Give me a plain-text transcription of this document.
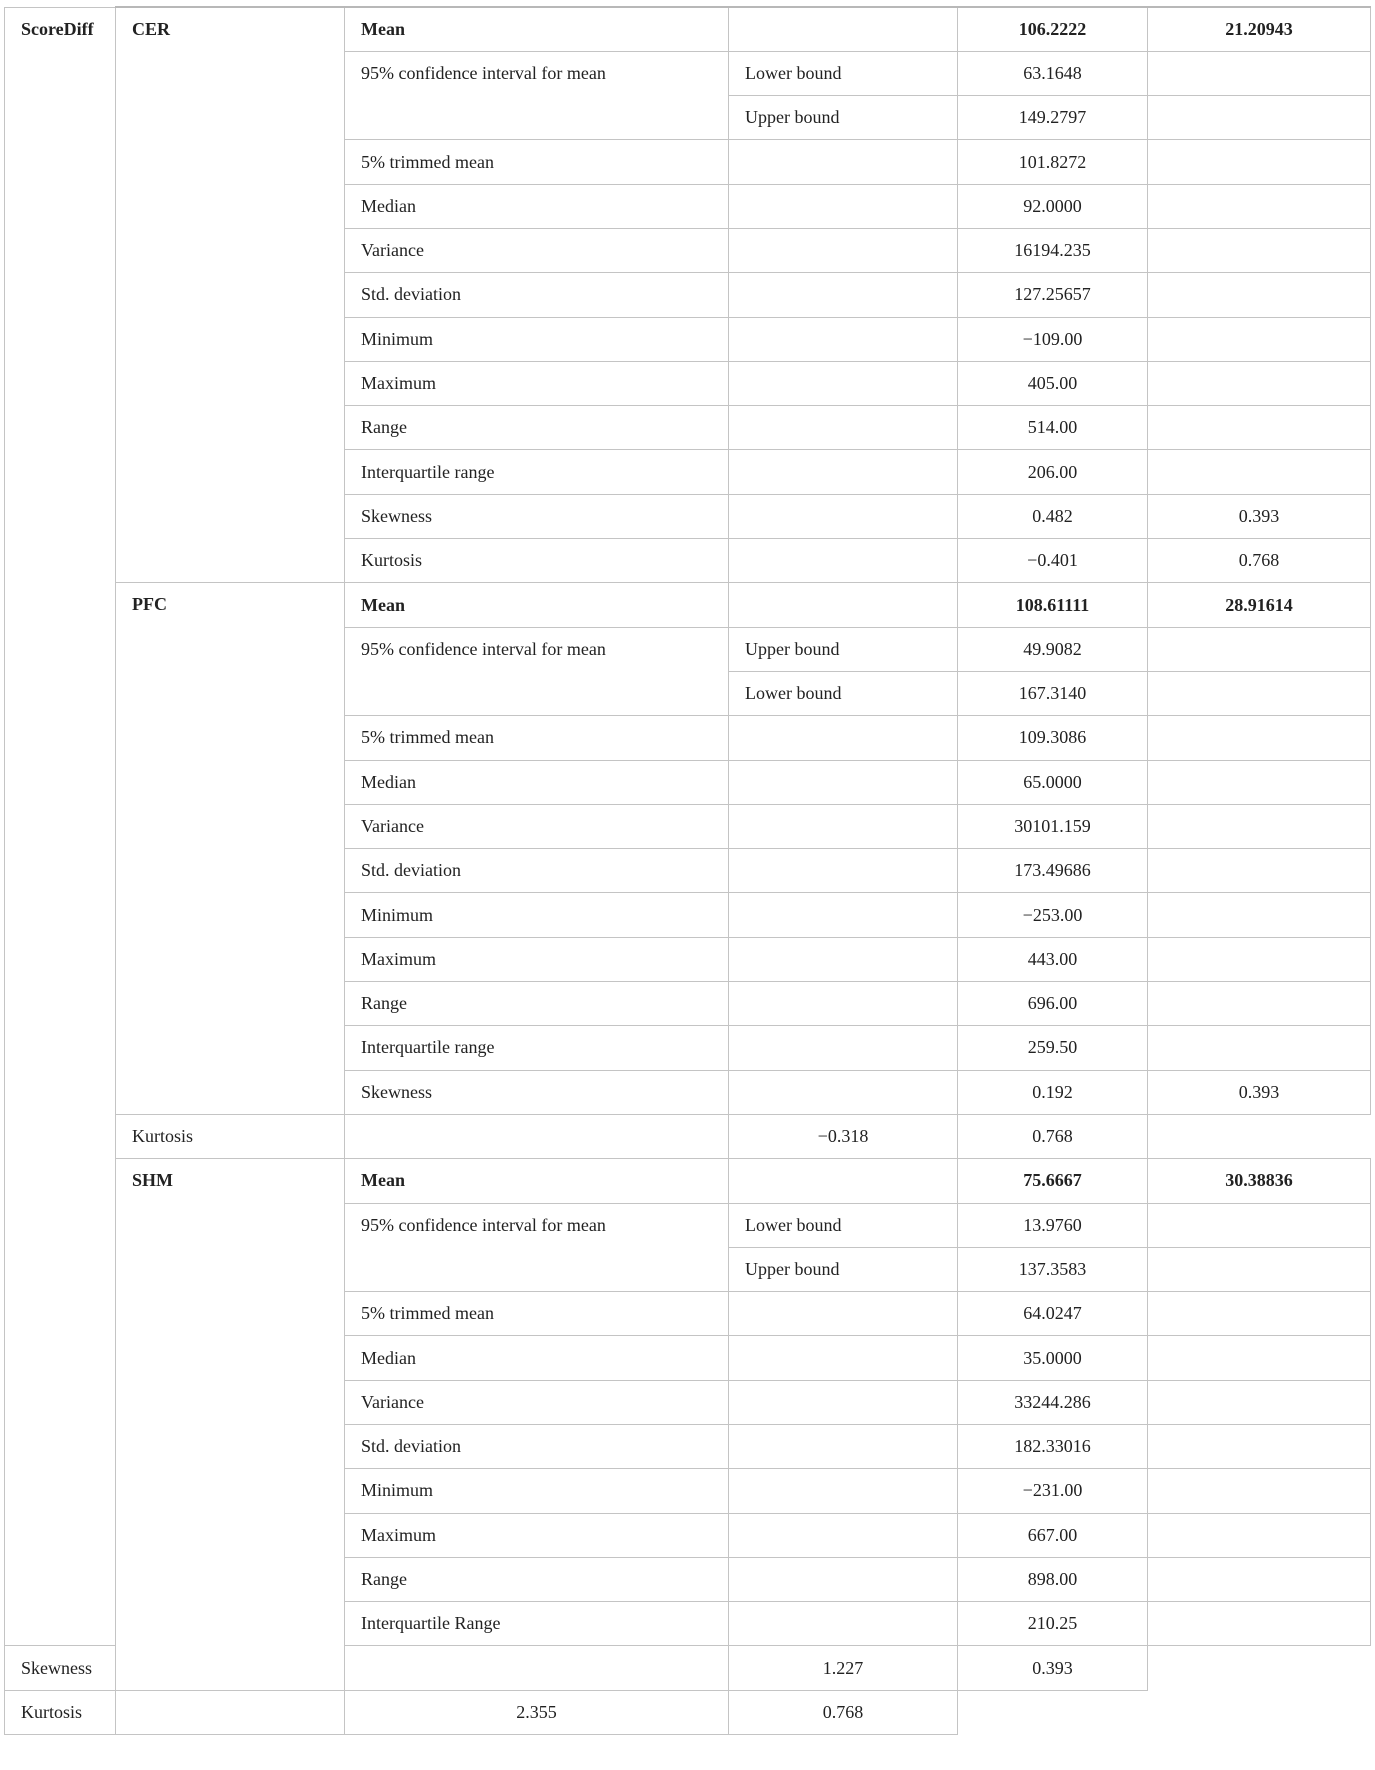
ScoreDiff	CER	Mean		106.2222	21.20943
		95% confidence interval for mean	Lower bound	63.1648	
			Upper bound	149.2797	
		5% trimmed mean		101.8272	
		Median		92.0000	
		Variance		16194.235	
		Std. deviation		127.25657	
		Minimum		−109.00	
		Maximum		405.00	
		Range		514.00	
		Interquartile range		206.00	
		Skewness		0.482	0.393
		Kurtosis		−0.401	0.768
	PFC	Mean		108.61111	28.91614
		95% confidence interval for mean	Upper bound	49.9082	
			Lower bound	167.3140	
		5% trimmed mean		109.3086	
		Median		65.0000	
		Variance		30101.159	
		Std. deviation		173.49686	
		Minimum		−253.00	
		Maximum		443.00	
		Range		696.00	
		Interquartile range		259.50	
		Skewness		0.192	0.393
	Kurtosis		−0.318	0.768	
	SHM	Mean		75.6667	30.38836
		95% confidence interval for mean	Lower bound	13.9760	
			Upper bound	137.3583	
		5% trimmed mean		64.0247	
		Median		35.0000	
		Variance		33244.286	
		Std. deviation		182.33016	
		Minimum		−231.00	
		Maximum		667.00	
		Range		898.00	
		Interquartile Range		210.25	
Skewness			1.227	0.393	
Kurtosis		2.355	0.768		
